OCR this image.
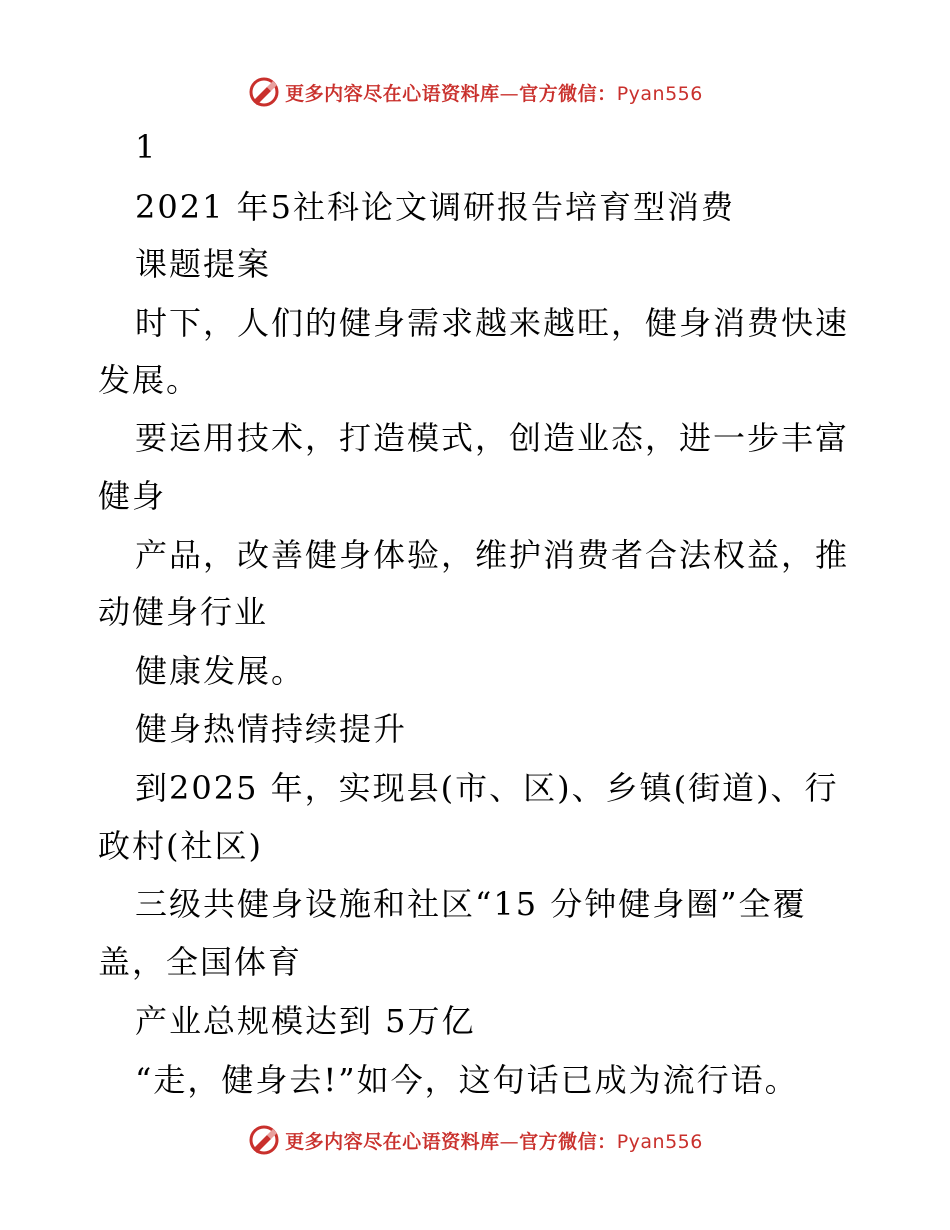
更多内容尽在心语资料库—官方微信：Pyan556
1
2021 年5社科论文调研报告培育型消费
课题提案
时下，人们的健身需求越来越旺，健身消费快速
发展。
要运用技术，打造模式，创造业态，进一步丰富
健身
产品，改善健身体验，维护消费者合法权益，推
动健身行业
健康发展。
健身热情持续提升
到2025 年，实现县(市、区)、乡镇(街道)、行
政村(社区)
三级共健身设施和社区“15 分钟健身圈”全覆
盖，全国体育
产业总规模达到 5万亿
“走，健身去!”如今，这句话已成为流行语。
更多内容尽在心语资料库—官方微信：Pyan556
